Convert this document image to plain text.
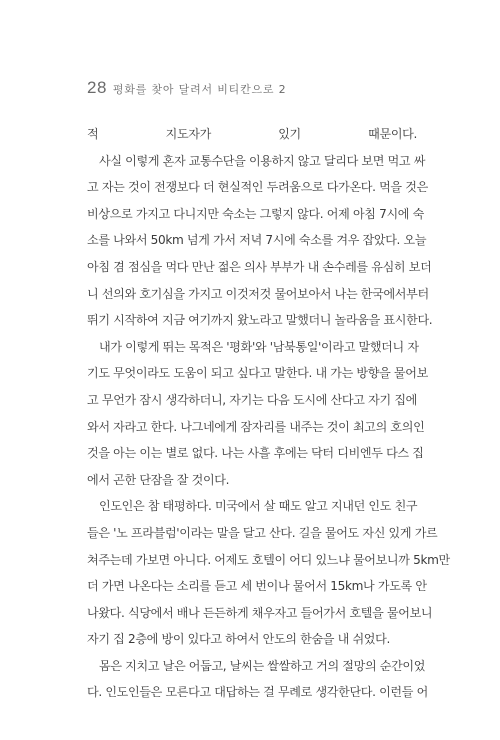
28 평화를 찾아 달려서 비티칸으로 2
적 지도자가 있기 때문이다.
사실 이렇게 혼자 교통수단을 이용하지 않고 달리다 보면 먹고 싸
고 자는 것이 전쟁보다 더 현실적인 두려움으로 다가온다. 먹을 것은
비상으로 가지고 다니지만 숙소는 그렇지 않다. 어제 아침 7시에 숙
소를 나와서 50km 넘게 가서 저녁 7시에 숙소를 겨우 잡았다. 오늘
아침 겸 점심을 먹다 만난 젊은 의사 부부가 내 손수레를 유심히 보더
니 선의와 호기심을 가지고 이것저것 물어보아서 나는 한국에서부터
뛰기 시작하여 지금 여기까지 왔노라고 말했더니 놀라움을 표시한다.
내가 이렇게 뛰는 목적은 '평화'와 '남북통일'이라고 말했더니 자
기도 무엇이라도 도움이 되고 싶다고 말한다. 내 가는 방향을 물어보
고 무언가 잠시 생각하더니, 자기는 다음 도시에 산다고 자기 집에
와서 자라고 한다. 나그네에게 잠자리를 내주는 것이 최고의 호의인
것을 아는 이는 별로 없다. 나는 사흘 후에는 닥터 디비엔두 다스 집
에서 곤한 단잠을 잘 것이다.
인도인은 참 태평하다. 미국에서 살 때도 알고 지내던 인도 친구
들은 '노 프라블럼'이라는 말을 달고 산다. 길을 물어도 자신 있게 가르
쳐주는데 가보면 아니다. 어제도 호텔이 어디 있느냐 물어보니까 5km만
더 가면 나온다는 소리를 듣고 세 번이나 물어서 15km나 가도록 안
나왔다. 식당에서 배나 든든하게 채우자고 들어가서 호텔을 물어보니
자기 집 2층에 방이 있다고 하여서 안도의 한숨을 내 쉬었다.
몸은 지치고 날은 어둡고, 날씨는 쌀쌀하고 거의 절망의 순간이었
다. 인도인들은 모른다고 대답하는 걸 무례로 생각한단다. 이런들 어
